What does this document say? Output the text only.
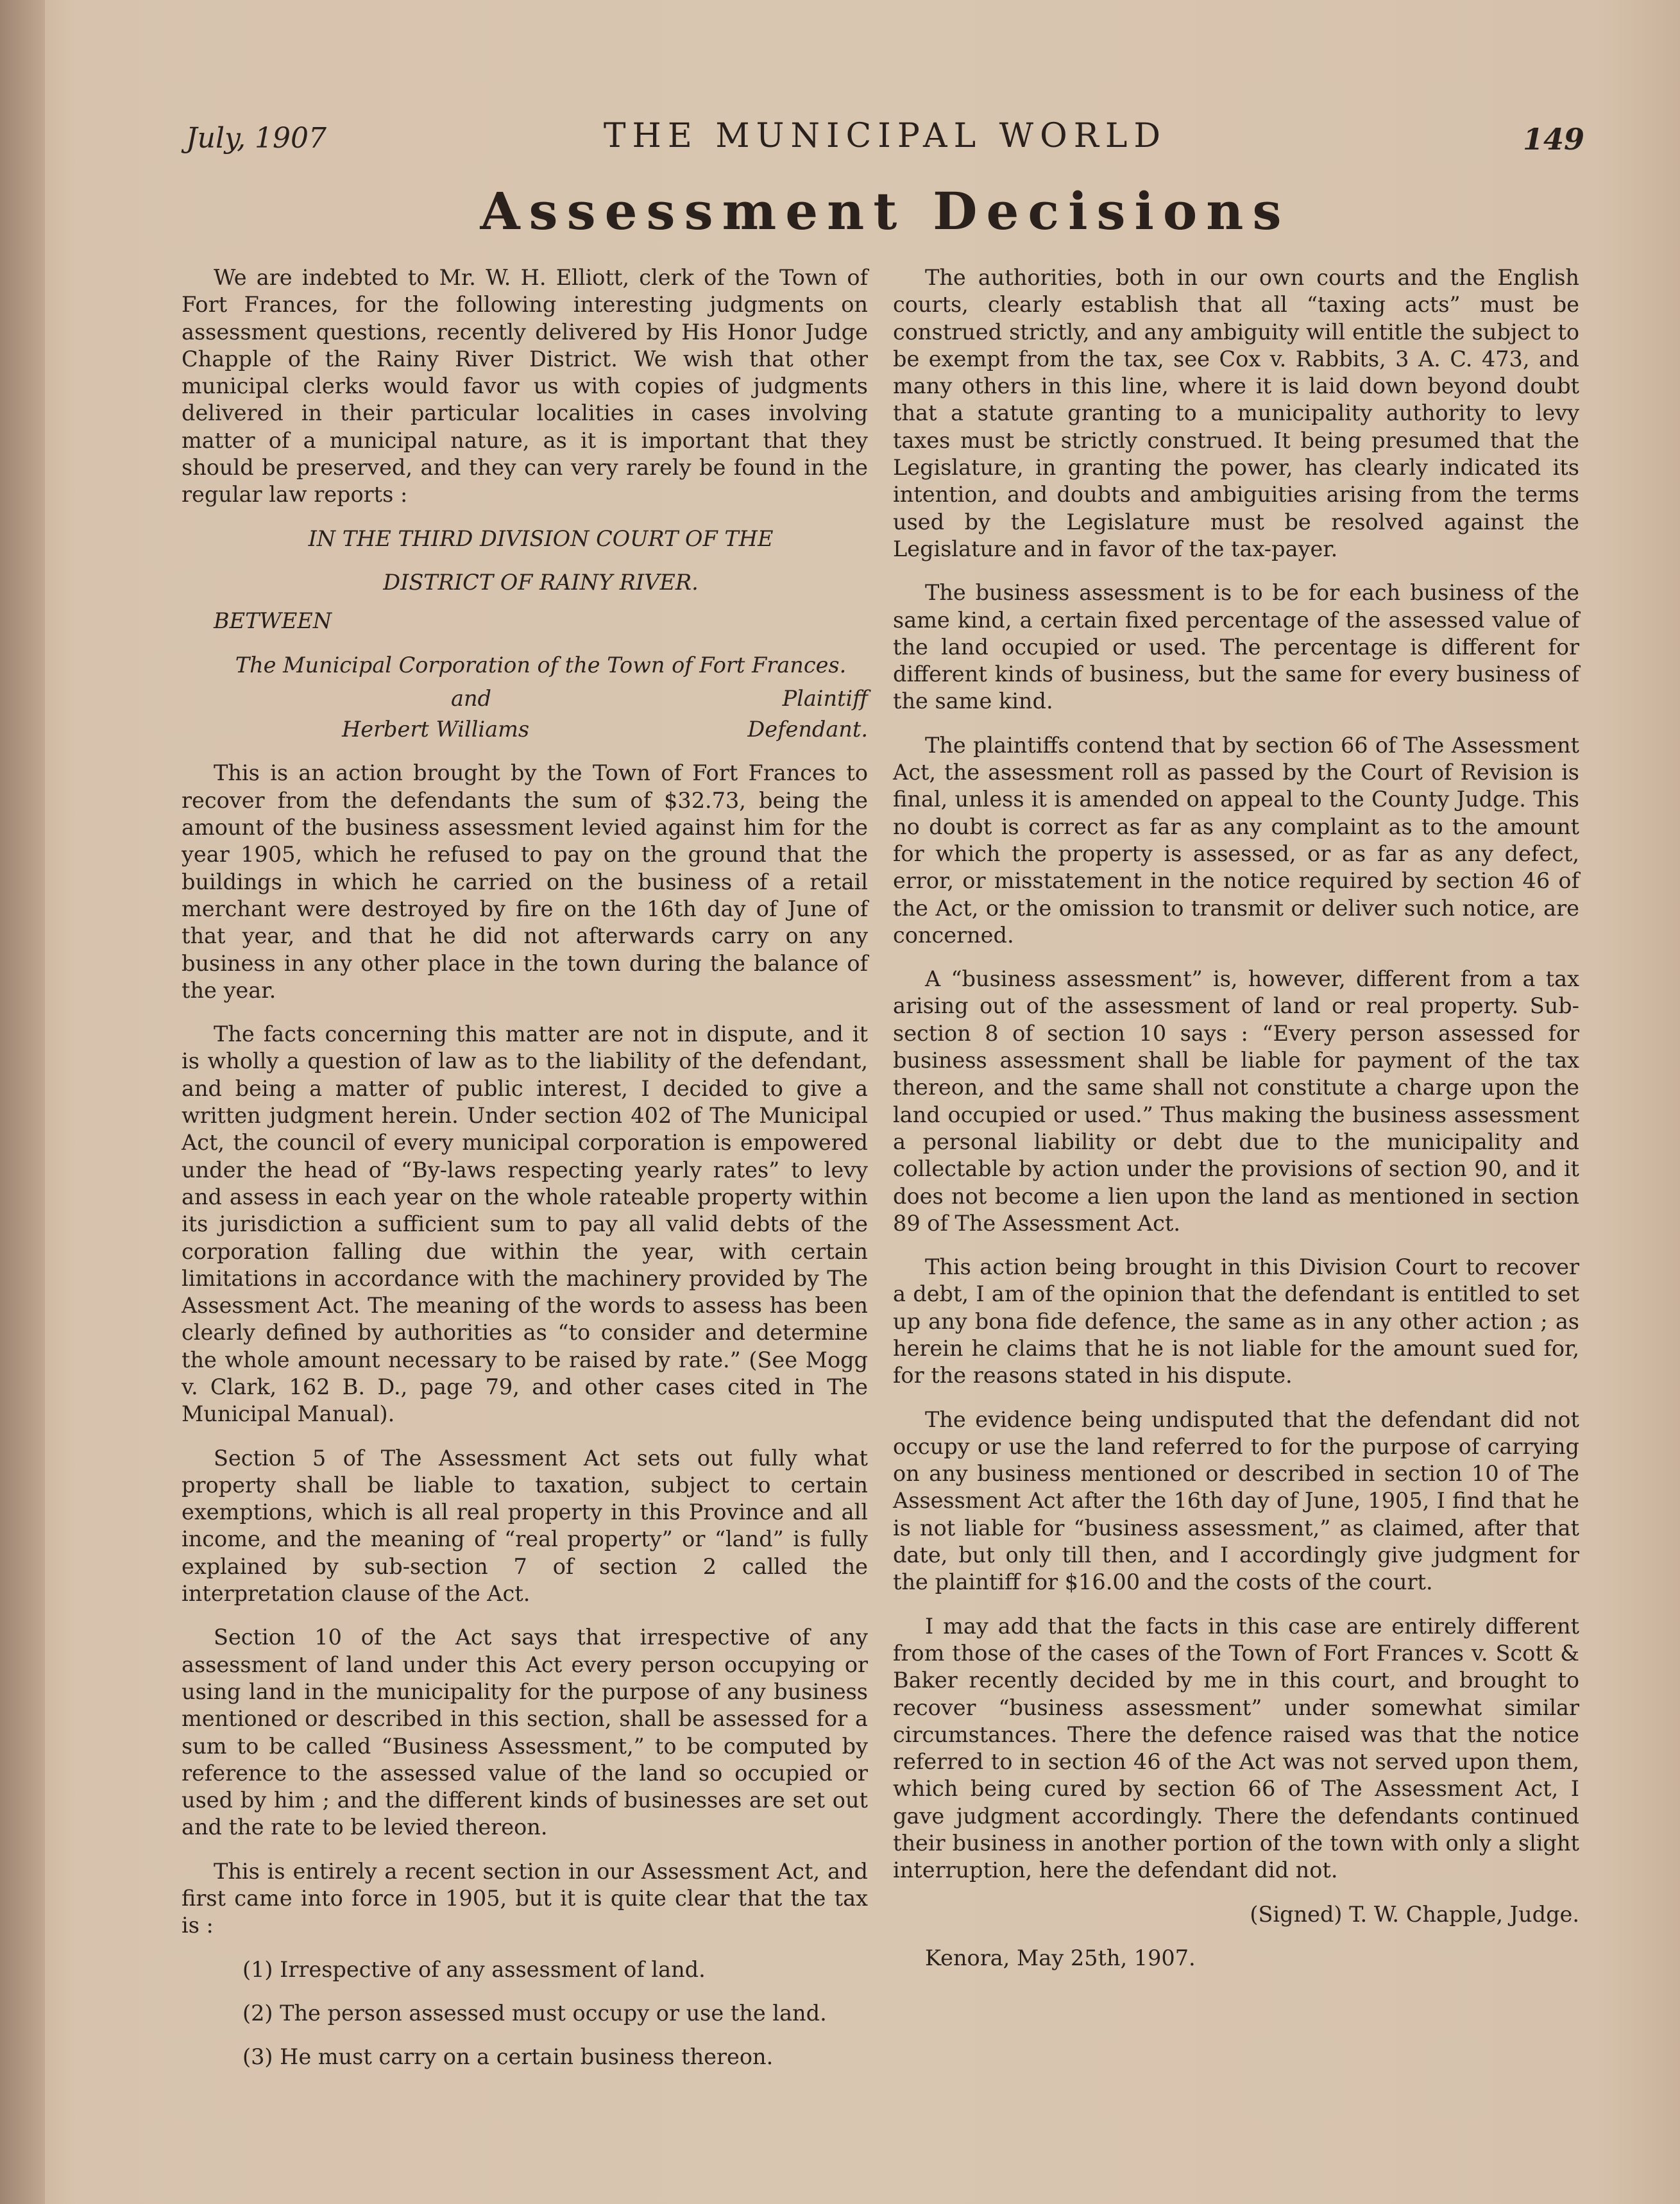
July, 1907	THE MUNICIPAL WORLD	149
Assessment Decisions

We are indebted to Mr. W. H. Elliott, clerk of the Town of Fort Frances, for the following interesting judgments on assessment questions, recently delivered by His Honor Judge Chapple of the Rainy River District. We wish that other municipal clerks would favor us with copies of judgments delivered in their particular localities in cases involving matter of a municipal nature, as it is important that they should be preserved, and they can very rarely be found in the regular law reports :

IN THE THIRD DIVISION COURT OF THE

DISTRICT OF RAINY RIVER.

BETWEEN

The Municipal Corporation of the Town of Fort Frances.

and	Plaintiff
Herbert Williams	Defendant.

This is an action brought by the Town of Fort Frances to recover from the defendants the sum of $32.73, being the amount of the business assessment levied against him for the year 1905, which he refused to pay on the ground that the buildings in which he carried on the business of a retail merchant were destroyed by fire on the 16th day of June of that year, and that he did not afterwards carry on any business in any other place in the town during the balance of the year.

The facts concerning this matter are not in dispute, and it is wholly a question of law as to the liability of the defendant, and being a matter of public interest, I decided to give a written judgment herein. Under section 402 of The Municipal Act, the council of every municipal corporation is empowered under the head of “By-laws respecting yearly rates” to levy and assess in each year on the whole rateable property within its jurisdiction a sufficient sum to pay all valid debts of the corporation falling due within the year, with certain limitations in accordance with the machinery provided by The Assessment Act. The meaning of the words to assess has been clearly defined by authorities as “to consider and determine the whole amount necessary to be raised by rate.” (See Mogg v. Clark, 162 B. D., page 79, and other cases cited in The Municipal Manual).

Section 5 of The Assessment Act sets out fully what property shall be liable to taxation, subject to certain exemptions, which is all real property in this Province and all income, and the meaning of “real property” or “land” is fully explained by sub-section 7 of section 2 called the interpretation clause of the Act.

Section 10 of the Act says that irrespective of any assessment of land under this Act every person occupying or using land in the municipality for the purpose of any business mentioned or described in this section, shall be assessed for a sum to be called “Business Assessment,” to be computed by reference to the assessed value of the land so occupied or used by him ; and the different kinds of businesses are set out and the rate to be levied thereon.

This is entirely a recent section in our Assessment Act, and first came into force in 1905, but it is quite clear that the tax is :

(1) Irrespective of any assessment of land.

(2) The person assessed must occupy or use the land.

(3) He must carry on a certain business thereon.

The authorities, both in our own courts and the English courts, clearly establish that all “taxing acts” must be construed strictly, and any ambiguity will entitle the subject to be exempt from the tax, see Cox v. Rabbits, 3 A. C. 473, and many others in this line, where it is laid down beyond doubt that a statute granting to a municipality authority to levy taxes must be strictly construed. It being presumed that the Legislature, in granting the power, has clearly indicated its intention, and doubts and ambiguities arising from the terms used by the Legislature must be resolved against the Legislature and in favor of the tax-payer.

The business assessment is to be for each business of the same kind, a certain fixed percentage of the assessed value of the land occupied or used. The percentage is different for different kinds of business, but the same for every business of the same kind.

The plaintiffs contend that by section 66 of The Assessment Act, the assessment roll as passed by the Court of Revision is final, unless it is amended on appeal to the County Judge. This no doubt is correct as far as any complaint as to the amount for which the property is assessed, or as far as any defect, error, or misstatement in the notice required by section 46 of the Act, or the omission to transmit or deliver such notice, are concerned.

A “business assessment” is, however, different from a tax arising out of the assessment of land or real property. Sub-section 8 of section 10 says : “Every person assessed for business assessment shall be liable for payment of the tax thereon, and the same shall not constitute a charge upon the land occupied or used.” Thus making the business assessment a personal liability or debt due to the municipality and collectable by action under the provisions of section 90, and it does not become a lien upon the land as mentioned in section 89 of The Assessment Act.

This action being brought in this Division Court to recover a debt, I am of the opinion that the defendant is entitled to set up any bona fide defence, the same as in any other action ; as herein he claims that he is not liable for the amount sued for, for the reasons stated in his dispute.

The evidence being undisputed that the defendant did not occupy or use the land referred to for the purpose of carrying on any business mentioned or described in section 10 of The Assessment Act after the 16th day of June, 1905, I find that he is not liable for “business assessment,” as claimed, after that date, but only till then, and I accordingly give judgment for the plaintiff for $16.00 and the costs of the court.

I may add that the facts in this case are entirely different from those of the cases of the Town of Fort Frances v. Scott & Baker recently decided by me in this court, and brought to recover “business assessment” under somewhat similar circumstances. There the defence raised was that the notice referred to in section 46 of the Act was not served upon them, which being cured by section 66 of The Assessment Act, I gave judgment accordingly. There the defendants continued their business in another portion of the town with only a slight interruption, here the defendant did not.

(Signed) T. W. Chapple, Judge.

Kenora, May 25th, 1907.
